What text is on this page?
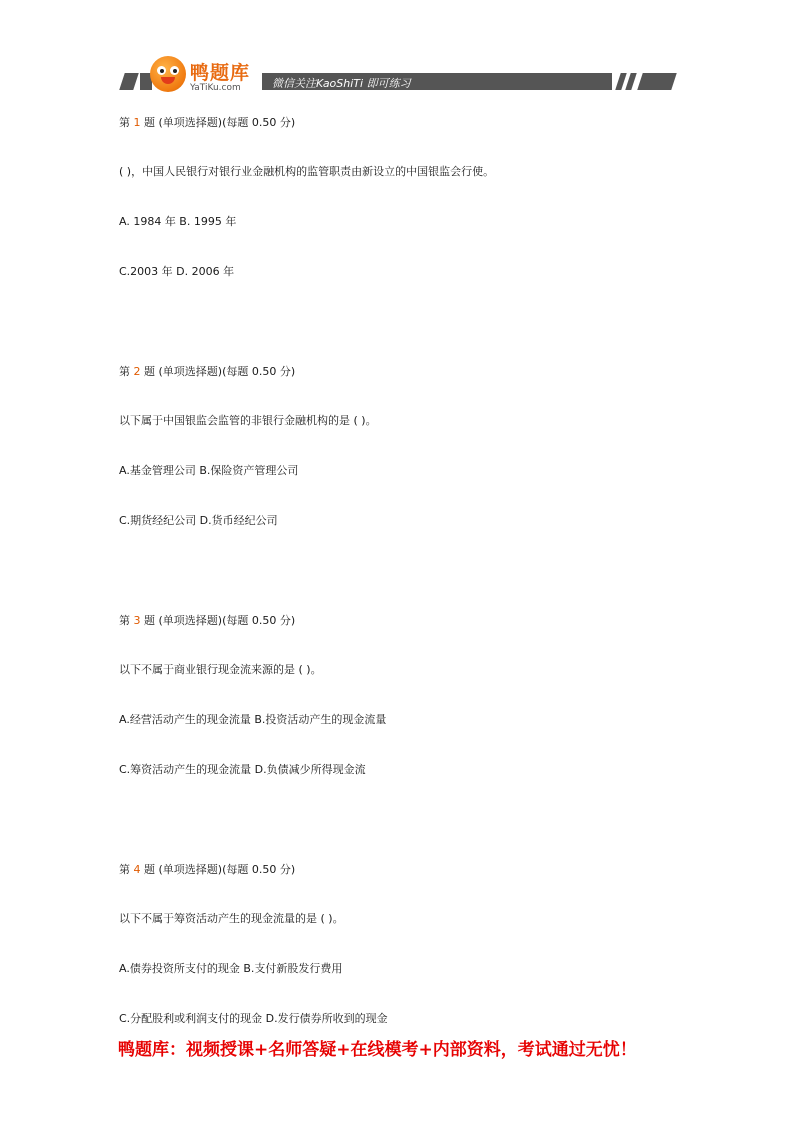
鸭题库
YaTiKu.com	微信关注KaoShiTi 即可练习
第 1 题 (单项选择题)(每题 0.50 分)
( )，中国人民银行对银行业金融机构的监管职责由新设立的中国银监会行使。
A. 1984 年 B. 1995 年
C.2003 年 D. 2006 年
第 2 题 (单项选择题)(每题 0.50 分)
以下属于中国银监会监管的非银行金融机构的是 ( )。
A.基金管理公司 B.保险资产管理公司
C.期货经纪公司 D.货币经纪公司
第 3 题 (单项选择题)(每题 0.50 分)
以下不属于商业银行现金流来源的是 ( )。
A.经营活动产生的现金流量 B.投资活动产生的现金流量
C.筹资活动产生的现金流量 D.负债减少所得现金流
第 4 题 (单项选择题)(每题 0.50 分)
以下不属于筹资活动产生的现金流量的是 ( )。
A.债券投资所支付的现金 B.支付新股发行费用
C.分配股利或利润支付的现金 D.发行债券所收到的现金
鸭题库：视频授课+名师答疑+在线模考+内部资料，考试通过无忧！
